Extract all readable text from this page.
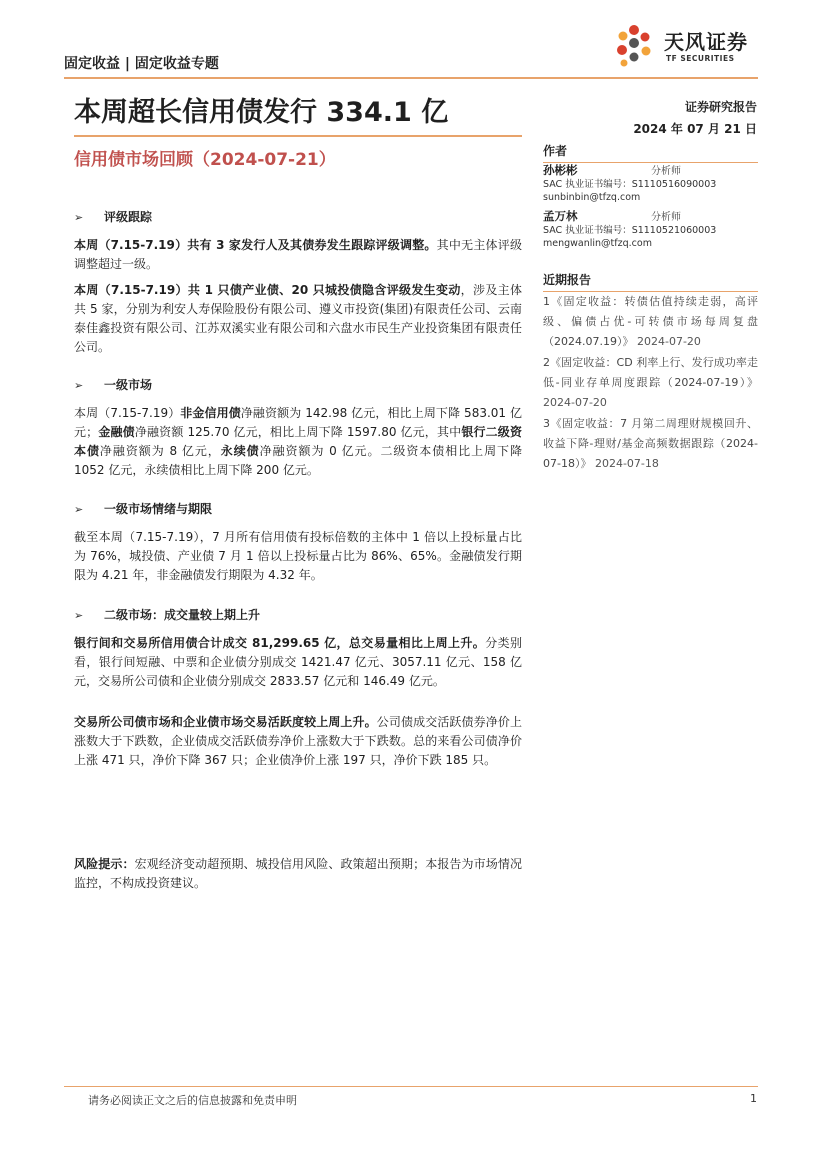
固定收益 | 固定收益专题
天风证券
TF SECURITIES
本周超长信用债发行 334.1 亿
信用债市场回顾（2024-07-21）
证券研究报告
2024 年 07 月 21 日
作者
孙彬彬	分析师
SAC 执业证书编号：S1110516090003
sunbinbin@tfzq.com
孟万林	分析师
SAC 执业证书编号：S1110521060003
mengwanlin@tfzq.com
近期报告
1《固定收益：转债估值持续走弱，高评级、偏债占优-可转债市场每周复盘（2024.07.19）》 2024-07-20
2《固定收益：CD 利率上行、发行成功率走低-同业存单周度跟踪（2024-07-19）》 2024-07-20
3《固定收益：7 月第二周理财规模回升、收益下降-理财/基金高频数据跟踪（2024-07-18）》 2024-07-18
➢ 评级跟踪
本周（7.15-7.19）共有 3 家发行人及其债券发生跟踪评级调整。其中无主体评级调整超过一级。
本周（7.15-7.19）共 1 只债产业债、20 只城投债隐含评级发生变动，涉及主体共 5 家，分别为利安人寿保险股份有限公司、遵义市投资(集团)有限责任公司、云南泰佳鑫投资有限公司、江苏双溪实业有限公司和六盘水市民生产业投资集团有限责任公司。
➢ 一级市场
本周（7.15-7.19）非金信用债净融资额为 142.98 亿元，相比上周下降 583.01 亿元；金融债净融资额 125.70 亿元，相比上周下降 1597.80 亿元，其中银行二级资本债净融资额为 8 亿元，永续债净融资额为 0 亿元。二级资本债相比上周下降 1052 亿元，永续债相比上周下降 200 亿元。
➢ 一级市场情绪与期限
截至本周（7.15-7.19），7 月所有信用债有投标倍数的主体中 1 倍以上投标量占比为 76%，城投债、产业债 7 月 1 倍以上投标量占比为 86%、65%。金融债发行期限为 4.21 年，非金融债发行期限为 4.32 年。
➢ 二级市场：成交量较上期上升
银行间和交易所信用债合计成交 81,299.65 亿，总交易量相比上周上升。分类别看，银行间短融、中票和企业债分别成交 1421.47 亿元、3057.11 亿元、158 亿元，交易所公司债和企业债分别成交 2833.57 亿元和 146.49 亿元。
交易所公司债市场和企业债市场交易活跃度较上周上升。公司债成交活跃债券净价上涨数大于下跌数，企业债成交活跃债券净价上涨数大于下跌数。总的来看公司债净价上涨 471 只，净价下降 367 只；企业债净价上涨 197 只，净价下跌 185 只。
风险提示：宏观经济变动超预期、城投信用风险、政策超出预期；本报告为市场情况监控，不构成投资建议。
请务必阅读正文之后的信息披露和免责申明	1
